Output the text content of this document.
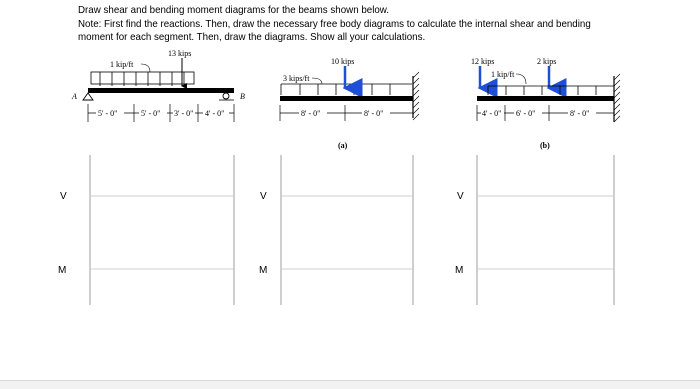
Draw shear and bending moment diagrams for the beams shown below.

Note: First find the reactions. Then, draw the necessary free body diagrams to calculate the internal shear and bending

moment for each segment. Then, draw the diagrams. Show all your calculations.

13 kips
1 kip/ft
A	B
5' - 0"	5' - 0" 3' - 0" 4' - 0"
3 kips/ft
10 kips
8' - 0"	8' - 0"
(a)
12 kips	2 kips
1 kip/ft
4' - 0" 6' - 0"	8' - 0"
(b)
V
M
V
M
V
M
